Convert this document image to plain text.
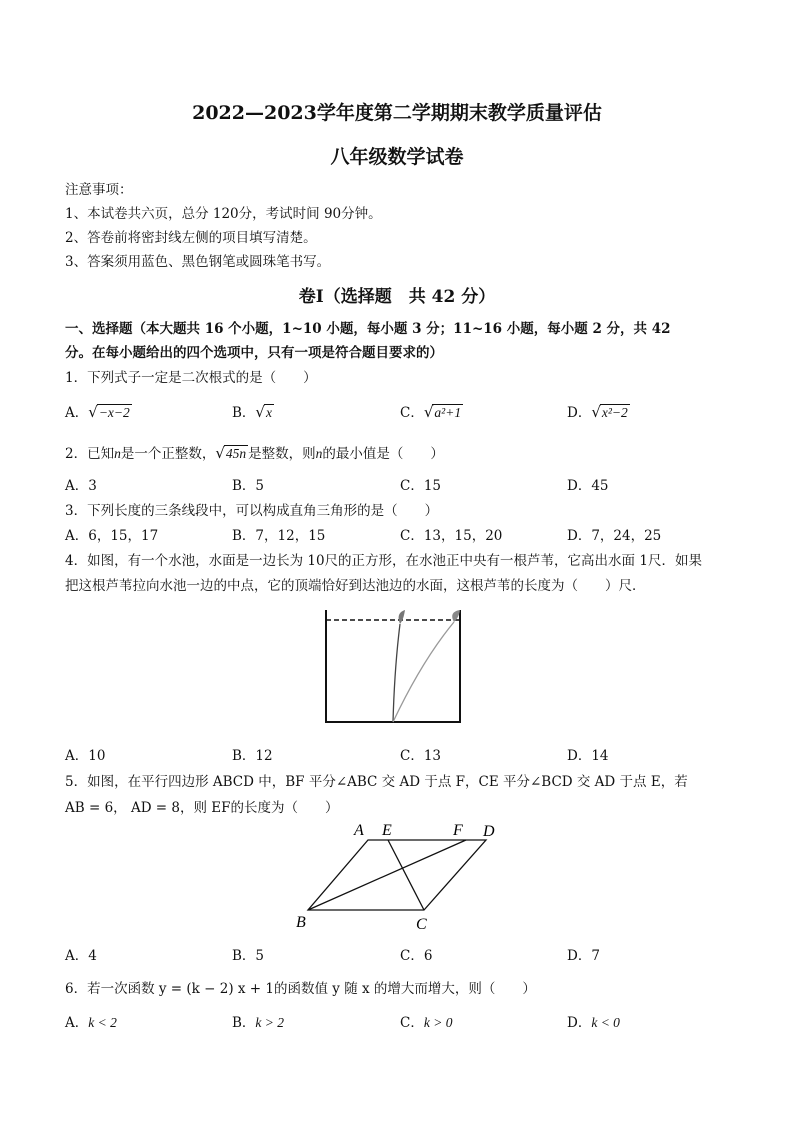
2022—2023学年度第二学期期末教学质量评估
八年级数学试卷
注意事项：
1、本试卷共六页，总分 120分，考试时间 90分钟。
2、答卷前将密封线左侧的项目填写清楚。
3、答案须用蓝色、黑色钢笔或圆珠笔书写。
卷Ⅰ（选择题　共 42 分）
一、选择题（本大题共 16 个小题，1~10 小题，每小题 3 分；11~16 小题，每小题 2 分，共 42
分。在每小题给出的四个选项中，只有一项是符合题目要求的）
1．下列式子一定是二次根式的是（　　）
A．√−x−2	B．√x	C．√a²+1	D．√x²−2
2．已知n是一个正整数，√45n 是整数，则n的最小值是（　　）
A．3	B．5	C．15	D．45
3．下列长度的三条线段中，可以构成直角三角形的是（　　）
A．6，15，17	B．7，12，15	C．13，15，20	D．7，24，25
4．如图，有一个水池，水面是一边长为 10尺的正方形，在水池正中央有一根芦苇，它高出水面 1尺．如果
把这根芦苇拉向水池一边的中点，它的顶端恰好到达池边的水面，这根芦苇的长度为（　　）尺．
A．10	B．12	C．13	D．14
5．如图，在平行四边形 ABCD 中，BF 平分∠ABC 交 AD 于点 F，CE 平分∠BCD 交 AD 于点 E，若
AB = 6， AD = 8，则 EF的长度为（　　）
A E	F D
B	C
A．4	B．5	C．6	D．7
6．若一次函数 y = (k − 2) x + 1的函数值 y 随 x 的增大而增大，则（　　）
A．k < 2	B．k > 2	C．k > 0	D．k < 0
